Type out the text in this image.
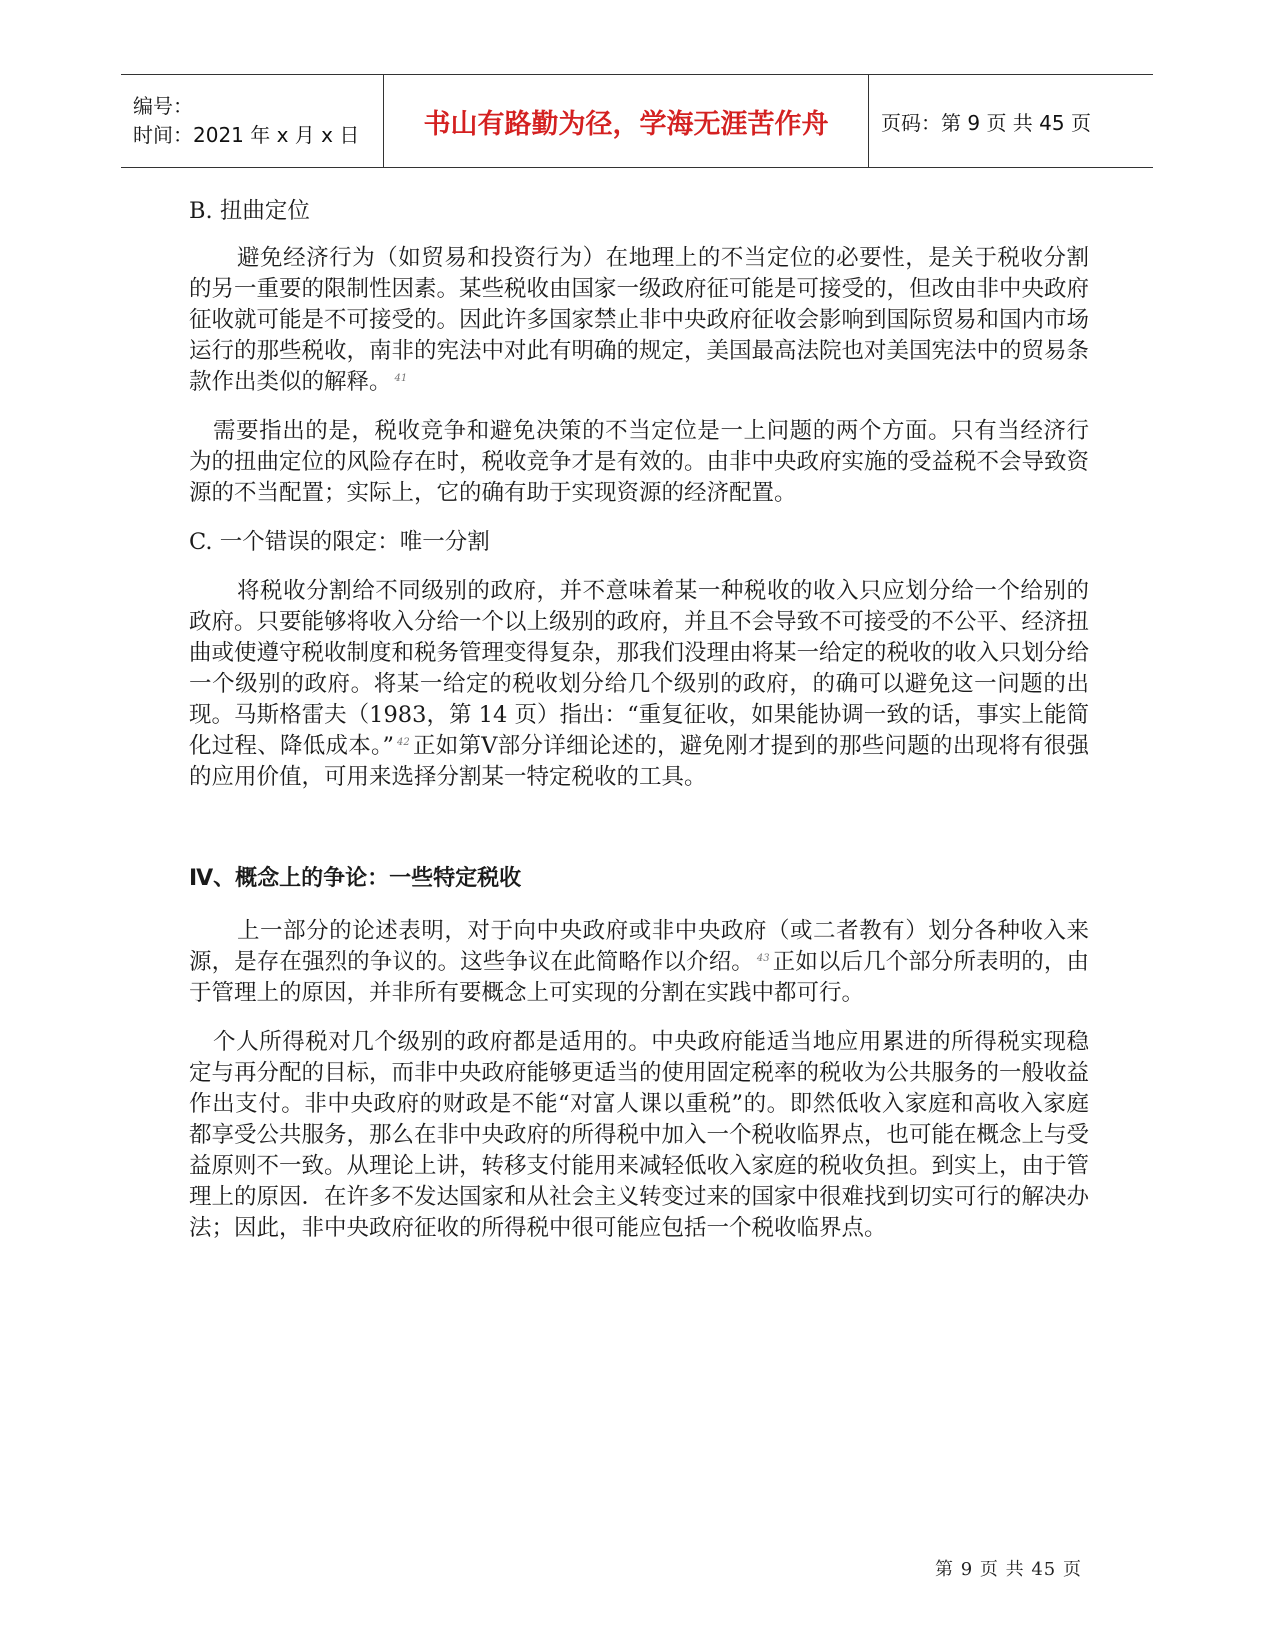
编号：
时间：2021 年 x 月 x 日	书山有路勤为径，学海无涯苦作舟	页码：第 9 页 共 45 页

B. 扭曲定位

避免经济行为（如贸易和投资行为）在地理上的不当定位的必要性，是关于税收分割的另一重要的限制性因素。某些税收由国家一级政府征可能是可接受的，但改由非中央政府征收就可能是不可接受的。因此许多国家禁止非中央政府征收会影响到国际贸易和国内市场运行的那些税收，南非的宪法中对此有明确的规定，美国最高法院也对美国宪法中的贸易条款作出类似的解释。 $^{41}$

需要指出的是，税收竞争和避免决策的不当定位是一上问题的两个方面。只有当经济行为的扭曲定位的风险存在时，税收竞争才是有效的。由非中央政府实施的受益税不会导致资源的不当配置；实际上，它的确有助于实现资源的经济配置。

C. 一个错误的限定：唯一分割

将税收分割给不同级别的政府，并不意味着某一种税收的收入只应划分给一个给别的政府。只要能够将收入分给一个以上级别的政府，并且不会导致不可接受的不公平、经济扭曲或使遵守税收制度和税务管理变得复杂，那我们没理由将某一给定的税收的收入只划分给一个级别的政府。将某一给定的税收划分给几个级别的政府，的确可以避免这一问题的出现。马斯格雷夫（1983，第 14 页）指出：“重复征收，如果能协调一致的话，事实上能简化过程、降低成本。” $^{42}$ 正如第Ⅴ部分详细论述的，避免刚才提到的那些问题的出现将有很强的应用价值，可用来选择分割某一特定税收的工具。

Ⅳ、概念上的争论：一些特定税收

上一部分的论述表明，对于向中央政府或非中央政府（或二者教有）划分各种收入来源，是存在强烈的争议的。这些争议在此简略作以介绍。 $^{43}$ 正如以后几个部分所表明的，由于管理上的原因，并非所有要概念上可实现的分割在实践中都可行。

个人所得税对几个级别的政府都是适用的。中央政府能适当地应用累进的所得税实现稳定与再分配的目标，而非中央政府能够更适当的使用固定税率的税收为公共服务的一般收益作出支付。非中央政府的财政是不能“对富人课以重税”的。即然低收入家庭和高收入家庭都享受公共服务，那么在非中央政府的所得税中加入一个税收临界点，也可能在概念上与受益原则不一致。从理论上讲，转移支付能用来减轻低收入家庭的税收负担。到实上，由于管理上的原因．在许多不发达国家和从社会主义转变过来的国家中很难找到切实可行的解决办法；因此，非中央政府征收的所得税中很可能应包括一个税收临界点。

第 9 页 共 45 页
